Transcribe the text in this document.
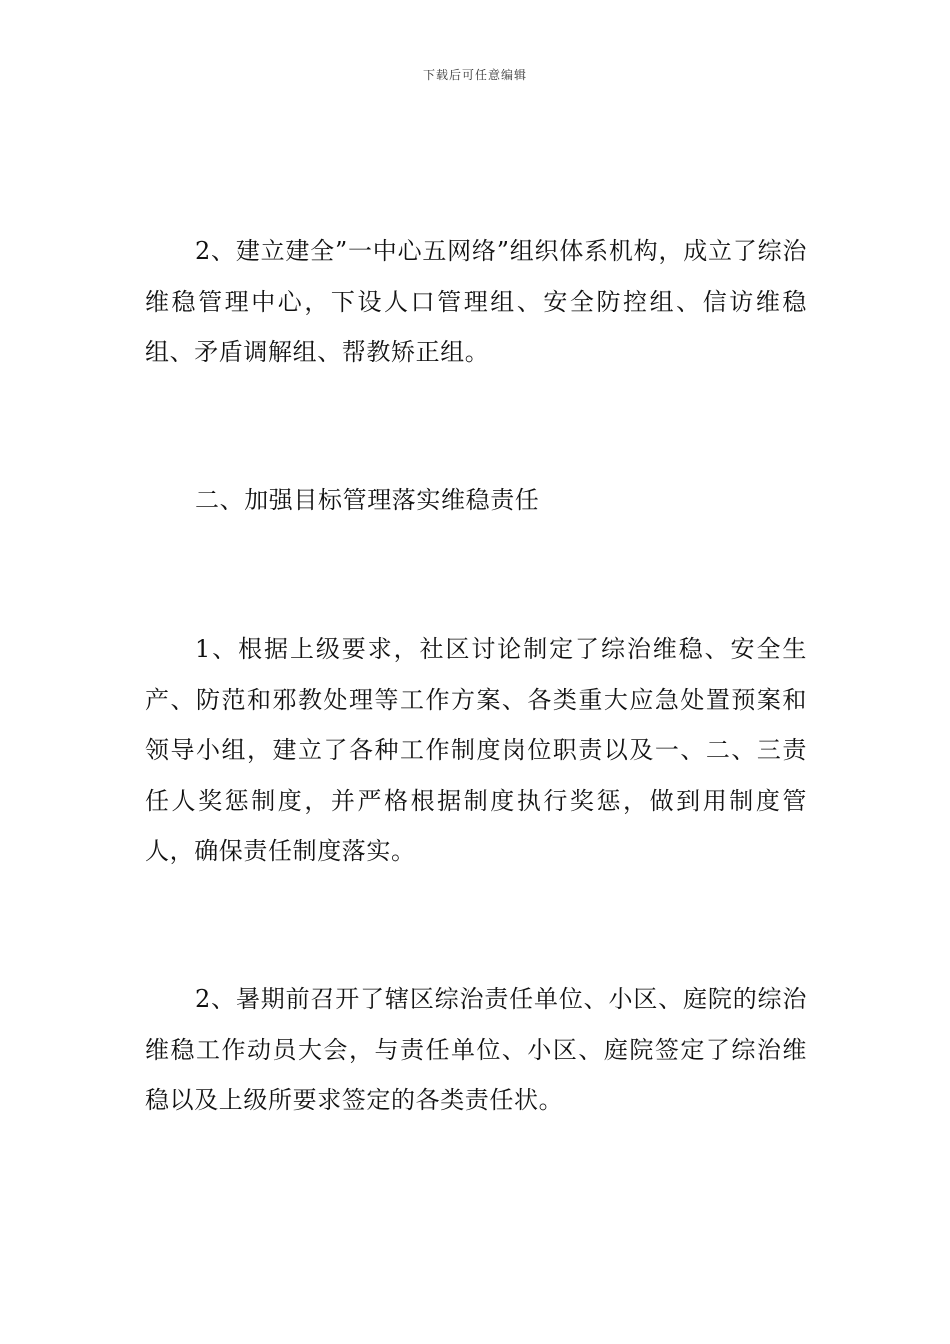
下载后可任意编辑
2、建立建全”一中心五网络”组织体系机构，成立了综治维稳管理中心，下设人口管理组、安全防控组、信访维稳组、矛盾调解组、帮教矫正组。
二、加强目标管理落实维稳责任
1、根据上级要求，社区讨论制定了综治维稳、安全生产、防范和邪教处理等工作方案、各类重大应急处置预案和领导小组，建立了各种工作制度岗位职责以及一、二、三责任人奖惩制度，并严格根据制度执行奖惩，做到用制度管人，确保责任制度落实。
2、暑期前召开了辖区综治责任单位、小区、庭院的综治维稳工作动员大会，与责任单位、小区、庭院签定了综治维稳以及上级所要求签定的各类责任状。
